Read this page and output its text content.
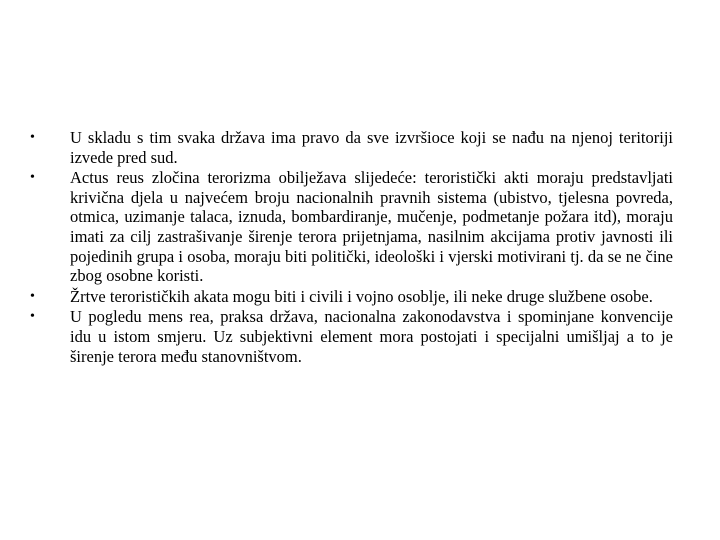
•	U skladu s tim svaka država ima pravo da sve izvršioce koji se nađu na njenoj teritoriji izvede pred sud.
•	Actus reus zločina terorizma obilježava slijedeće: teroristički akti moraju predstavljati krivična djela u najvećem broju nacionalnih pravnih sistema (ubistvo, tjelesna povreda, otmica, uzimanje talaca, iznuda, bombardiranje, mučenje, podmetanje požara itd), moraju imati za cilj zastrašivanje širenje terora prijetnjama, nasilnim akcijama protiv javnosti ili pojedinih grupa i osoba, moraju biti politički, ideološki i vjerski motivirani tj. da se ne čine zbog osobne koristi.
•	Žrtve terorističkih akata mogu biti i civili i vojno osoblje, ili neke druge službene osobe.
•	U pogledu mens rea, praksa država, nacionalna zakonodavstva i spominjane konvencije idu u istom smjeru. Uz subjektivni element mora postojati i specijalni umišljaj a to je širenje terora među stanovništvom.
